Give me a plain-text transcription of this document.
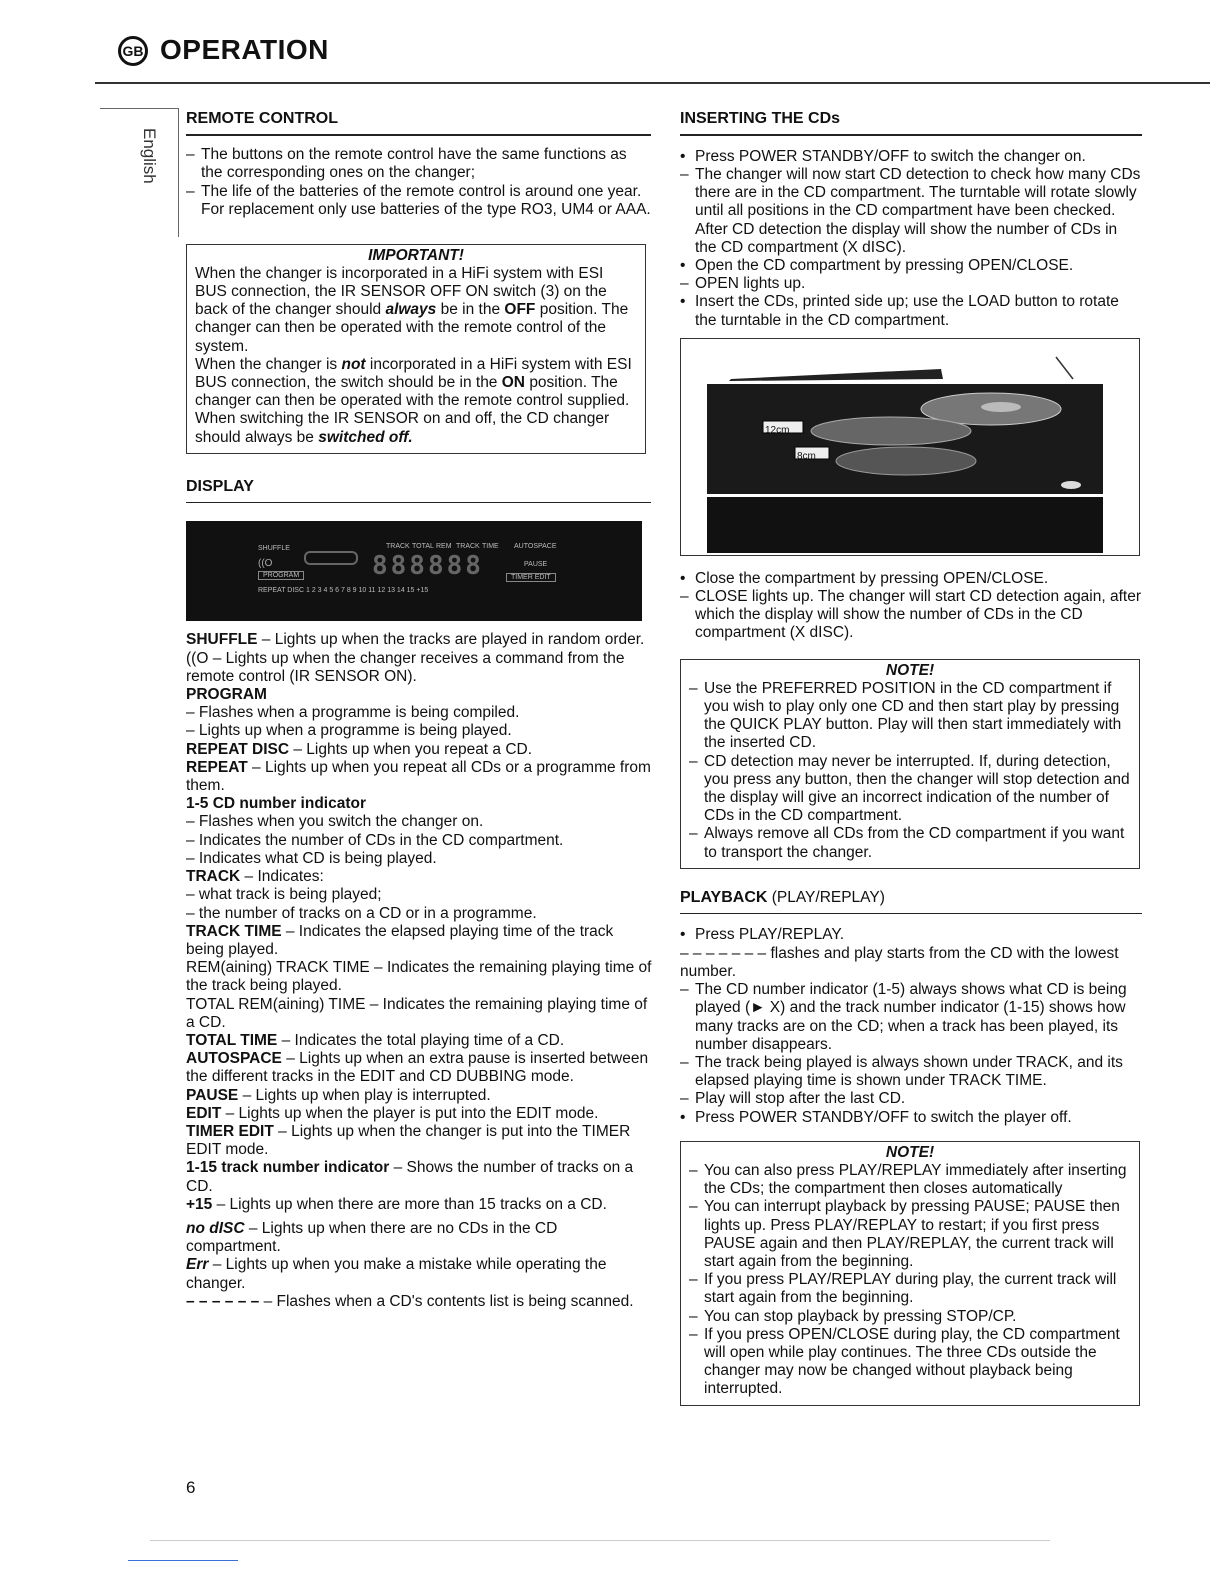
GB OPERATION
English
REMOTE CONTROL
– The buttons on the remote control have the same functions as the corresponding ones on the changer;
– The life of the batteries of the remote control is around one year. For replacement only use batteries of the type RO3, UM4 or AAA.
IMPORTANT!

When the changer is incorporated in a HiFi system with ESI BUS connection, the IR SENSOR OFF ON switch (3) on the back of the changer should always be in the OFF position. The changer can then be operated with the remote control of the system.

When the changer is not incorporated in a HiFi system with ESI BUS connection, the switch should be in the ON position. The changer can then be operated with the remote control supplied.

When switching the IR SENSOR on and off, the CD changer should always be switched off.

DISPLAY
SHUFFLE
((O
TRACK TOTAL REM TRACK TIME
888888
AUTOSPACE
PAUSE
PROGRAM	TIMER EDIT
REPEAT DISC 1 2 3 4 5 6 7 8 9 10 11 12 13 14 15 +15

SHUFFLE – Lights up when the tracks are played in random order.

((O – Lights up when the changer receives a command from the remote control (IR SENSOR ON).

PROGRAM

– Flashes when a programme is being compiled.

– Lights up when a programme is being played.

REPEAT DISC – Lights up when you repeat a CD.

REPEAT – Lights up when you repeat all CDs or a programme from them.

1-5 CD number indicator

– Flashes when you switch the changer on.

– Indicates the number of CDs in the CD compartment.

– Indicates what CD is being played.

TRACK – Indicates:

– what track is being played;

– the number of tracks on a CD or in a programme.

TRACK TIME – Indicates the elapsed playing time of the track being played.

REM(aining) TRACK TIME – Indicates the remaining playing time of the track being played.

TOTAL REM(aining) TIME – Indicates the remaining playing time of a CD.

TOTAL TIME – Indicates the total playing time of a CD.

AUTOSPACE – Lights up when an extra pause is inserted between the different tracks in the EDIT and CD DUBBING mode.

PAUSE – Lights up when play is interrupted.

EDIT – Lights up when the player is put into the EDIT mode.

TIMER EDIT – Lights up when the changer is put into the TIMER EDIT mode.

1-15 track number indicator – Shows the number of tracks on a CD.

+15 – Lights up when there are more than 15 tracks on a CD.

no dISC – Lights up when there are no CDs in the CD compartment.

Err – Lights up when you make a mistake while operating the changer.

– – – – – – – Flashes when a CD's contents list is being scanned.

INSERTING THE CDs
• Press POWER STANDBY/OFF to switch the changer on.
– The changer will now start CD detection to check how many CDs there are in the CD compartment. The turntable will rotate slowly until all positions in the CD compartment have been checked. After CD detection the display will show the number of CDs in the CD compartment (X dISC).
• Open the CD compartment by pressing OPEN/CLOSE.
– OPEN lights up.
• Insert the CDs, printed side up; use the LOAD button to rotate the turntable in the CD compartment.
12cm
8cm
• Close the compartment by pressing OPEN/CLOSE.
– CLOSE lights up. The changer will start CD detection again, after which the display will show the number of CDs in the CD compartment (X dISC).
NOTE!
– Use the PREFERRED POSITION in the CD compartment if you wish to play only one CD and then start play by pressing the QUICK PLAY button. Play will then start immediately with the inserted CD.
– CD detection may never be interrupted. If, during detection, you press any button, then the changer will stop detection and the display will give an incorrect indication of the number of CDs in the CD compartment.
– Always remove all CDs from the CD compartment if you want to transport the changer.
PLAYBACK (PLAY/REPLAY)
• Press PLAY/REPLAY.
– – – – – – – flashes and play starts from the CD with the lowest number.
– The CD number indicator (1-5) always shows what CD is being played (► X) and the track number indicator (1-15) shows how many tracks are on the CD; when a track has been played, its number disappears.
– The track being played is always shown under TRACK, and its elapsed playing time is shown under TRACK TIME.
– Play will stop after the last CD.
• Press POWER STANDBY/OFF to switch the player off.
NOTE!
– You can also press PLAY/REPLAY immediately after inserting the CDs; the compartment then closes automatically
– You can interrupt playback by pressing PAUSE; PAUSE then lights up. Press PLAY/REPLAY to restart; if you first press PAUSE again and then PLAY/REPLAY, the current track will start again from the beginning.
– If you press PLAY/REPLAY during play, the current track will start again from the beginning.
– You can stop playback by pressing STOP/CP.
– If you press OPEN/CLOSE during play, the CD compartment will open while play continues. The three CDs outside the changer may now be changed without playback being interrupted.
6
